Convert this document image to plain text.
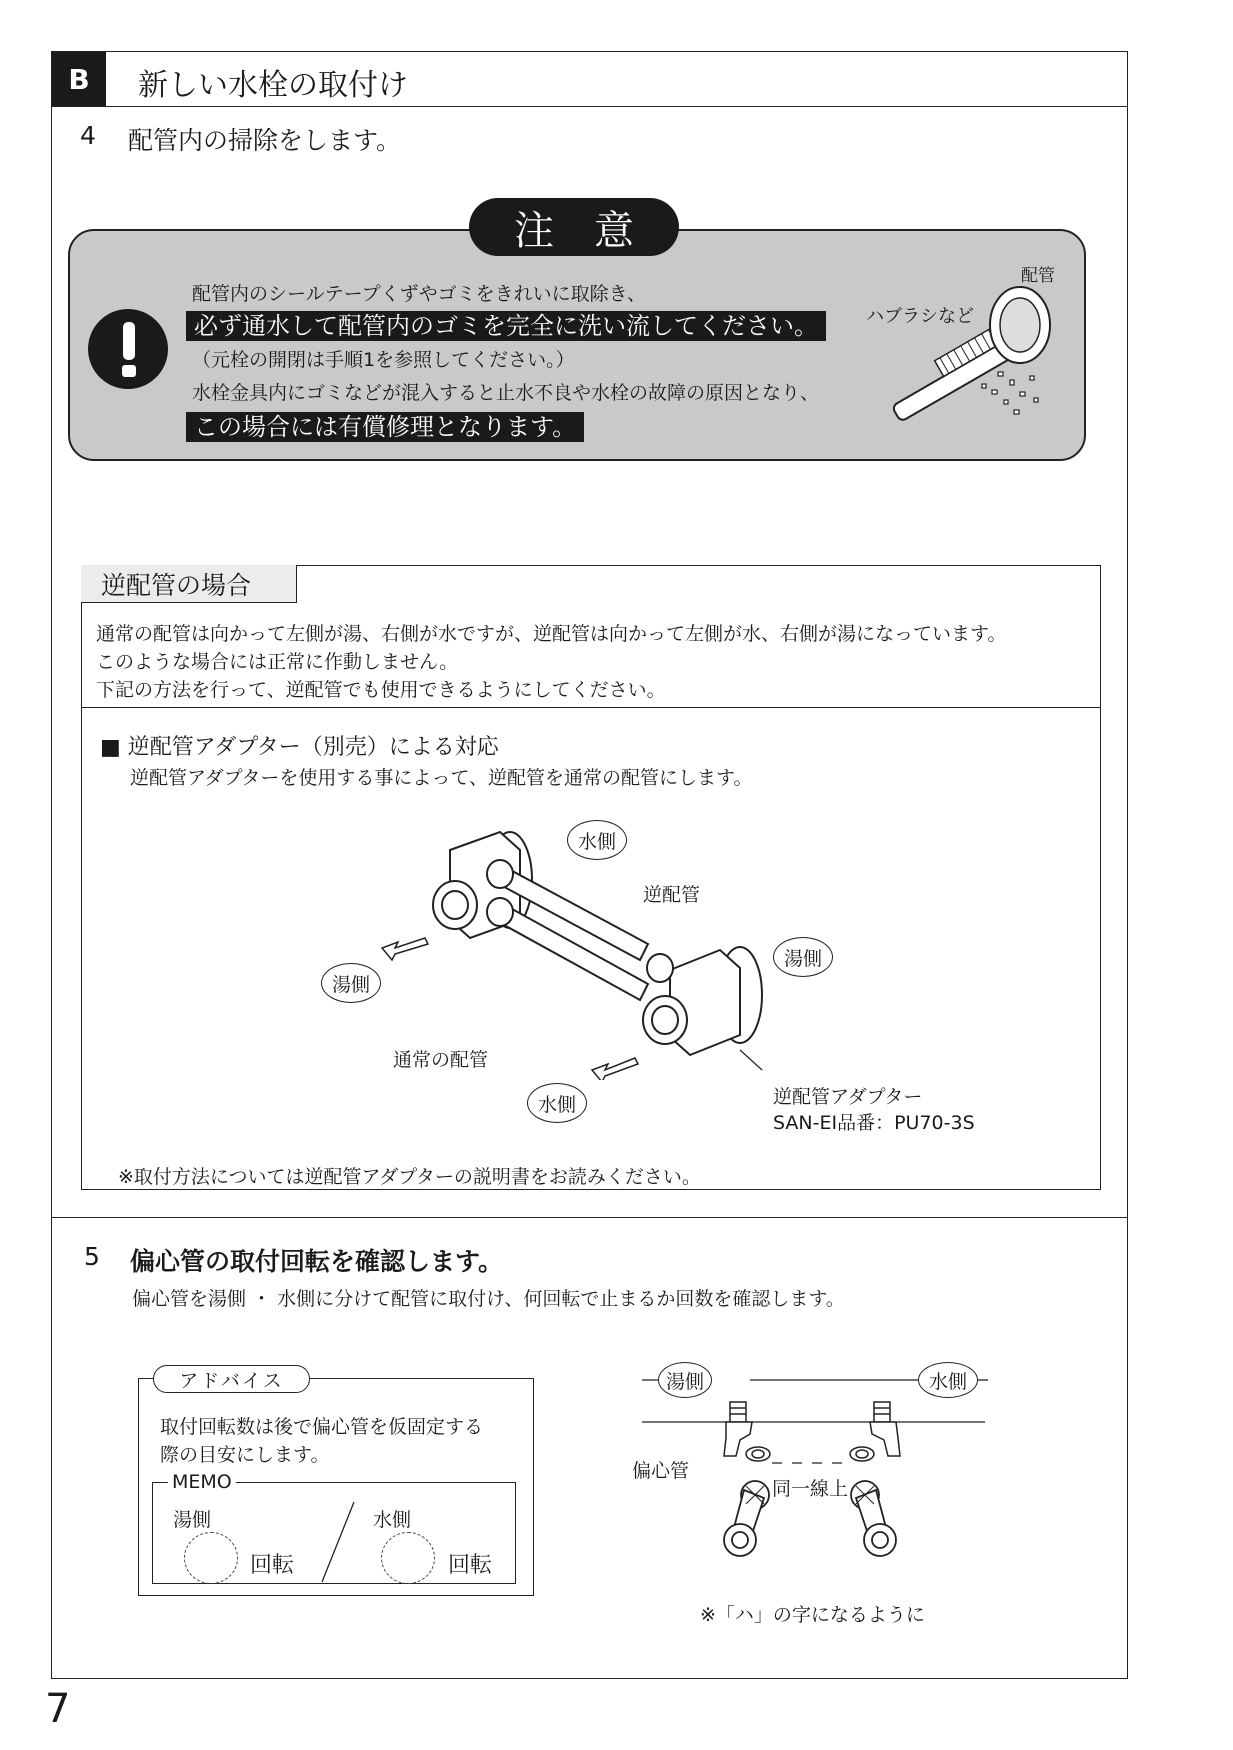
B	新しい水栓の取付け
4 配管内の掃除をします。
注意
配管内のシールテープくずやゴミをきれいに取除き、
必ず通水して配管内のゴミを完全に洗い流してください。
（元栓の開閉は手順1を参照してください。）
水栓金具内にゴミなどが混入すると止水不良や水栓の故障の原因となり、
この場合には有償修理となります。
配管
ハブラシなど
逆配管の場合
通常の配管は向かって左側が湯、右側が水ですが、逆配管は向かって左側が水、右側が湯になっています。
このような場合には正常に作動しません。
下記の方法を行って、逆配管でも使用できるようにしてください。
■ 逆配管アダプター（別売）による対応
逆配管アダプターを使用する事によって、逆配管を通常の配管にします。
水側
逆配管
湯側
湯側
通常の配管
水側	逆配管アダプター
SAN-EI品番：PU70-3S
※取付方法については逆配管アダプターの説明書をお読みください。
5 偏心管の取付回転を確認します。
偏心管を湯側 ・ 水側に分けて配管に取付け、何回転で止まるか回数を確認します。
アドバイス
取付回転数は後で偏心管を仮固定する
際の目安にします。
MEMO
湯側	水側
回転	回転
湯側	水側
偏心管
同一線上
※「ハ」の字になるように
7
